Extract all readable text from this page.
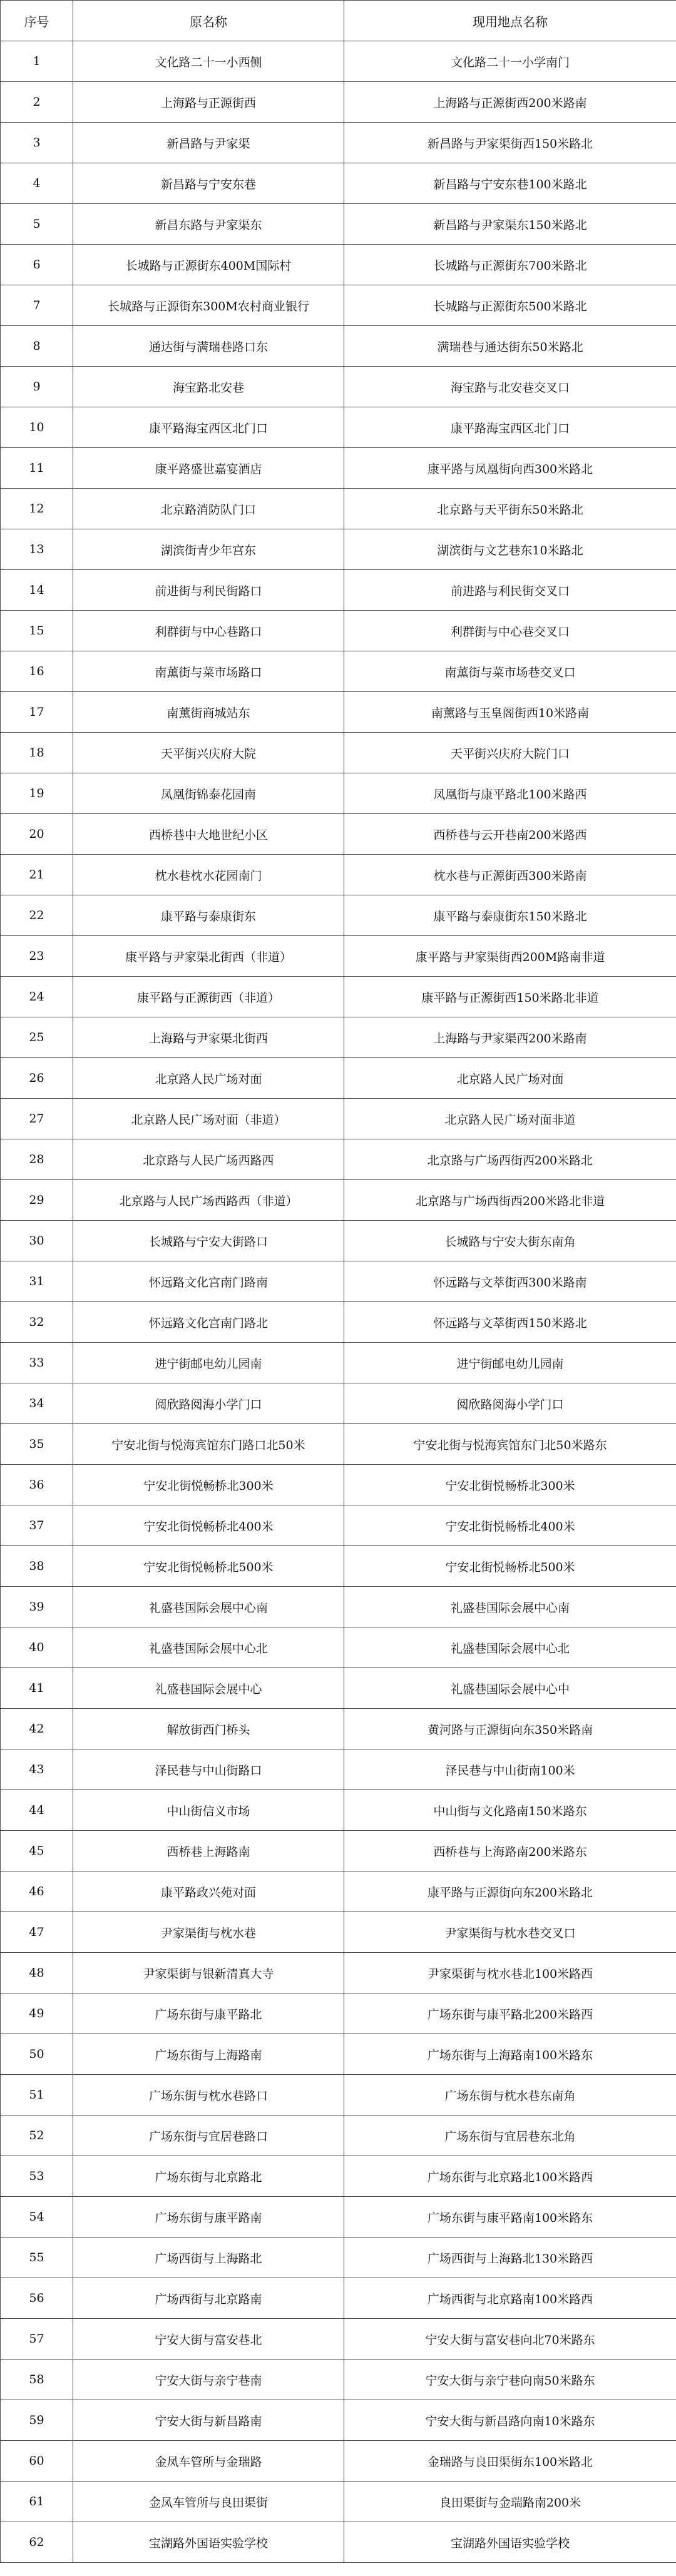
序号	原名称	现用地点名称
1	文化路二十一小西侧	文化路二十一小学南门
2	上海路与正源街西	上海路与正源街西200米路南
3	新昌路与尹家渠	新昌路与尹家渠街西150米路北
4	新昌路与宁安东巷	新昌路与宁安东巷100米路北
5	新昌东路与尹家渠东	新昌路与尹家渠东150米路北
6	长城路与正源街东400M国际村	长城路与正源街东700米路北
7	长城路与正源街东300M农村商业银行	长城路与正源街东500米路北
8	通达街与满瑞巷路口东	满瑞巷与通达街东50米路北
9	海宝路北安巷	海宝路与北安巷交叉口
10	康平路海宝西区北门口	康平路海宝西区北门口
11	康平路盛世嘉宴酒店	康平路与凤凰街向西300米路北
12	北京路消防队门口	北京路与天平街东50米路北
13	湖滨街青少年宫东	湖滨街与文艺巷东10米路北
14	前进街与利民街路口	前进路与利民街交叉口
15	利群街与中心巷路口	利群街与中心巷交叉口
16	南薰街与菜市场路口	南薰街与菜市场巷交叉口
17	南薰街商城站东	南薰路与玉皇阁街西10米路南
18	天平街兴庆府大院	天平街兴庆府大院门口
19	凤凰街锦泰花园南	凤凰街与康平路北100米路西
20	西桥巷中大地世纪小区	西桥巷与云开巷南200米路西
21	枕水巷枕水花园南门	枕水巷与正源街西300米路南
22	康平路与泰康街东	康平路与泰康街东150米路北
23	康平路与尹家渠北街西（非道）	康平路与尹家渠街西200M路南非道
24	康平路与正源街西（非道）	康平路与正源街西150米路北非道
25	上海路与尹家渠北街西	上海路与尹家渠西200米路南
26	北京路人民广场对面	北京路人民广场对面
27	北京路人民广场对面（非道）	北京路人民广场对面非道
28	北京路与人民广场西路西	北京路与广场西街西200米路北
29	北京路与人民广场西路西（非道）	北京路与广场西街西200米路北非道
30	长城路与宁安大街路口	长城路与宁安大街东南角
31	怀远路文化宫南门路南	怀远路与文萃街西300米路南
32	怀远路文化宫南门路北	怀远路与文萃街西150米路北
33	进宁街邮电幼儿园南	进宁街邮电幼儿园南
34	阅欣路阅海小学门口	阅欣路阅海小学门口
35	宁安北街与悦海宾馆东门路口北50米	宁安北街与悦海宾馆东门北50米路东
36	宁安北街悦畅桥北300米	宁安北街悦畅桥北300米
37	宁安北街悦畅桥北400米	宁安北街悦畅桥北400米
38	宁安北街悦畅桥北500米	宁安北街悦畅桥北500米
39	礼盛巷国际会展中心南	礼盛巷国际会展中心南
40	礼盛巷国际会展中心北	礼盛巷国际会展中心北
41	礼盛巷国际会展中心	礼盛巷国际会展中心中
42	解放街西门桥头	黄河路与正源街向东350米路南
43	泽民巷与中山街路口	泽民巷与中山街南100米
44	中山街信义市场	中山街与文化路南150米路东
45	西桥巷上海路南	西桥巷与上海路南200米路东
46	康平路政兴苑对面	康平路与正源街向东200米路北
47	尹家渠街与枕水巷	尹家渠街与枕水巷交叉口
48	尹家渠街与银新清真大寺	尹家渠街与枕水巷北100米路西
49	广场东街与康平路北	广场东街与康平路北200米路西
50	广场东街与上海路南	广场东街与上海路南100米路东
51	广场东街与枕水巷路口	广场东街与枕水巷东南角
52	广场东街与宜居巷路口	广场东街与宜居巷东北角
53	广场东街与北京路北	广场东街与北京路北100米路西
54	广场东街与康平路南	广场东街与康平路南100米路东
55	广场西街与上海路北	广场西街与上海路北130米路西
56	广场西街与北京路南	广场西街与北京路南100米路西
57	宁安大街与富安巷北	宁安大街与富安巷向北70米路东
58	宁安大街与亲宁巷南	宁安大街与亲宁巷向南50米路东
59	宁安大街与新昌路南	宁安大街与新昌路向南10米路东
60	金凤车管所与金瑞路	金瑞路与良田渠街东100米路北
61	金凤车管所与良田渠街	良田渠街与金瑞路南200米
62	宝湖路外国语实验学校	宝湖路外国语实验学校
